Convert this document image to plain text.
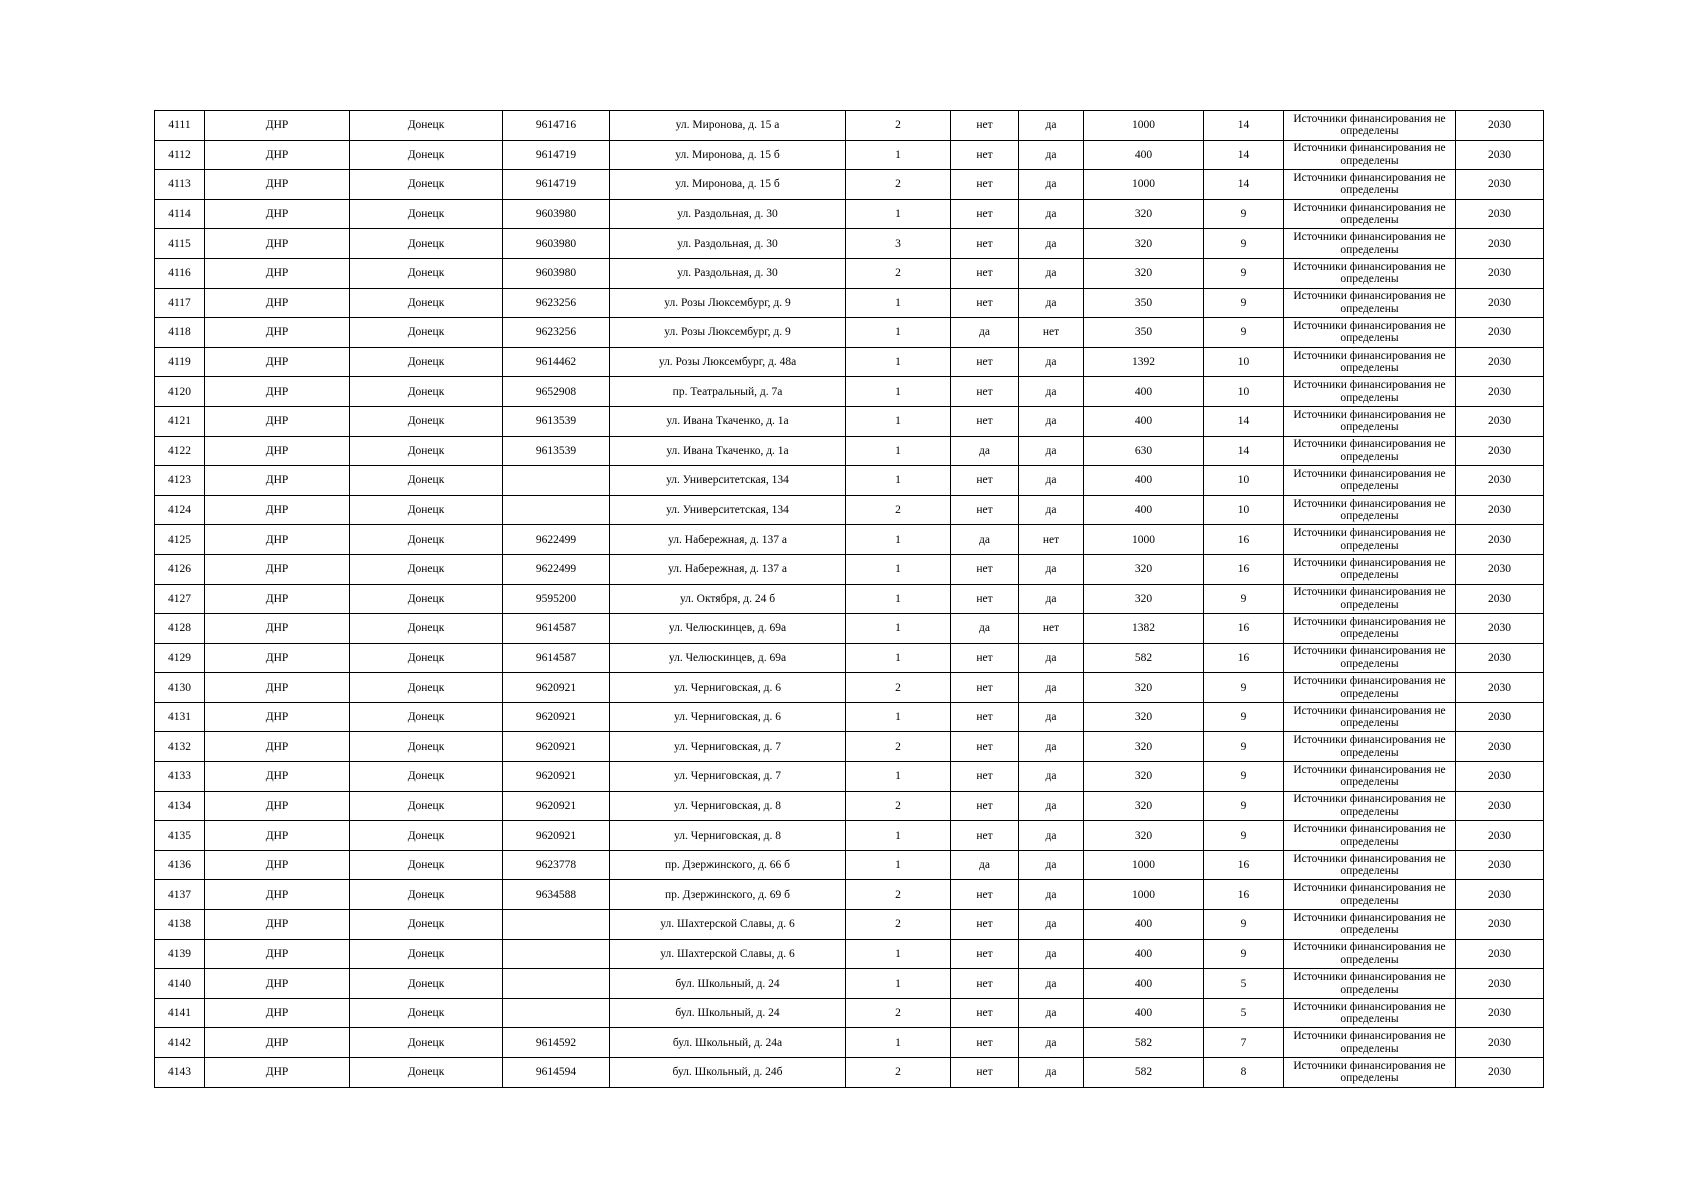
4111	ДНР	Донецк	9614716	ул. Миронова, д. 15 а	2	нет	да	1000	14	Источники финансирования не определены	2030
4112	ДНР	Донецк	9614719	ул. Миронова, д. 15 б	1	нет	да	400	14	Источники финансирования не определены	2030
4113	ДНР	Донецк	9614719	ул. Миронова, д. 15 б	2	нет	да	1000	14	Источники финансирования не определены	2030
4114	ДНР	Донецк	9603980	ул. Раздольная, д. 30	1	нет	да	320	9	Источники финансирования не определены	2030
4115	ДНР	Донецк	9603980	ул. Раздольная, д. 30	3	нет	да	320	9	Источники финансирования не определены	2030
4116	ДНР	Донецк	9603980	ул. Раздольная, д. 30	2	нет	да	320	9	Источники финансирования не определены	2030
4117	ДНР	Донецк	9623256	ул. Розы Люксембург, д. 9	1	нет	да	350	9	Источники финансирования не определены	2030
4118	ДНР	Донецк	9623256	ул. Розы Люксембург, д. 9	1	да	нет	350	9	Источники финансирования не определены	2030
4119	ДНР	Донецк	9614462	ул. Розы Люксембург, д. 48а	1	нет	да	1392	10	Источники финансирования не определены	2030
4120	ДНР	Донецк	9652908	пр. Театральный, д. 7а	1	нет	да	400	10	Источники финансирования не определены	2030
4121	ДНР	Донецк	9613539	ул. Ивана Ткаченко, д. 1а	1	нет	да	400	14	Источники финансирования не определены	2030
4122	ДНР	Донецк	9613539	ул. Ивана Ткаченко, д. 1а	1	да	да	630	14	Источники финансирования не определены	2030
4123	ДНР	Донецк		ул. Университетская, 134	1	нет	да	400	10	Источники финансирования не определены	2030
4124	ДНР	Донецк		ул. Университетская, 134	2	нет	да	400	10	Источники финансирования не определены	2030
4125	ДНР	Донецк	9622499	ул. Набережная, д. 137 а	1	да	нет	1000	16	Источники финансирования не определены	2030
4126	ДНР	Донецк	9622499	ул. Набережная, д. 137 а	1	нет	да	320	16	Источники финансирования не определены	2030
4127	ДНР	Донецк	9595200	ул. Октября, д. 24 б	1	нет	да	320	9	Источники финансирования не определены	2030
4128	ДНР	Донецк	9614587	ул. Челюскинцев, д. 69а	1	да	нет	1382	16	Источники финансирования не определены	2030
4129	ДНР	Донецк	9614587	ул. Челюскинцев, д. 69а	1	нет	да	582	16	Источники финансирования не определены	2030
4130	ДНР	Донецк	9620921	ул. Черниговская, д. 6	2	нет	да	320	9	Источники финансирования не определены	2030
4131	ДНР	Донецк	9620921	ул. Черниговская, д. 6	1	нет	да	320	9	Источники финансирования не определены	2030
4132	ДНР	Донецк	9620921	ул. Черниговская, д. 7	2	нет	да	320	9	Источники финансирования не определены	2030
4133	ДНР	Донецк	9620921	ул. Черниговская, д. 7	1	нет	да	320	9	Источники финансирования не определены	2030
4134	ДНР	Донецк	9620921	ул. Черниговская, д. 8	2	нет	да	320	9	Источники финансирования не определены	2030
4135	ДНР	Донецк	9620921	ул. Черниговская, д. 8	1	нет	да	320	9	Источники финансирования не определены	2030
4136	ДНР	Донецк	9623778	пр. Дзержинского, д. 66 б	1	да	да	1000	16	Источники финансирования не определены	2030
4137	ДНР	Донецк	9634588	пр. Дзержинского, д. 69 б	2	нет	да	1000	16	Источники финансирования не определены	2030
4138	ДНР	Донецк		ул. Шахтерской Славы, д. 6	2	нет	да	400	9	Источники финансирования не определены	2030
4139	ДНР	Донецк		ул. Шахтерской Славы, д. 6	1	нет	да	400	9	Источники финансирования не определены	2030
4140	ДНР	Донецк		бул. Школьный, д. 24	1	нет	да	400	5	Источники финансирования не определены	2030
4141	ДНР	Донецк		бул. Школьный, д. 24	2	нет	да	400	5	Источники финансирования не определены	2030
4142	ДНР	Донецк	9614592	бул. Школьный, д. 24а	1	нет	да	582	7	Источники финансирования не определены	2030
4143	ДНР	Донецк	9614594	бул. Школьный, д. 24б	2	нет	да	582	8	Источники финансирования не определены	2030
